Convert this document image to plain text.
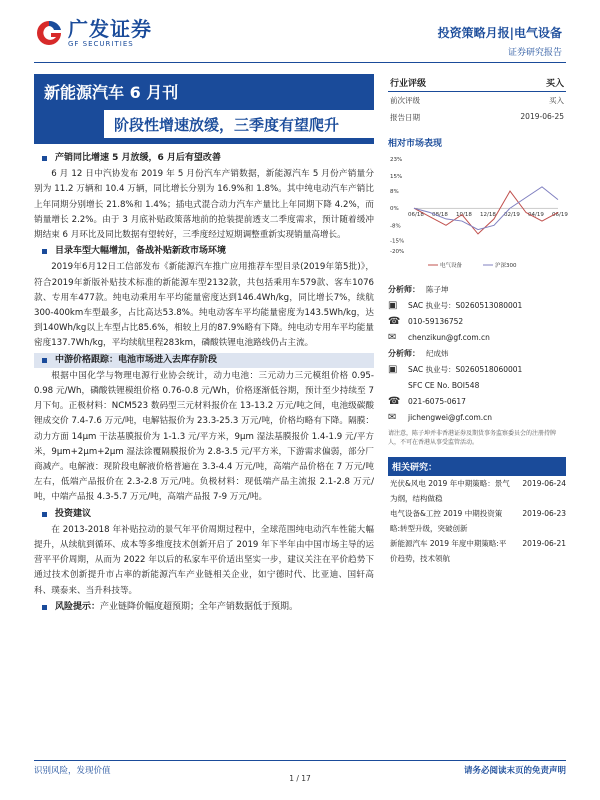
广发证券
GF SECURITIES
投资策略月报|电气设备
证券研究报告
新能源汽车 6 月刊
阶段性增速放缓，三季度有望爬升
产销同比增速 5 月放缓，6 月后有望改善
6 月 12 日中汽协发布 2019 年 5 月份汽车产销数据，新能源汽车 5 月份产销量分别为 11.2 万辆和 10.4 万辆，同比增长分别为 16.9%和 1.8%。其中纯电动汽车产销比上年同期分别增长 21.8%和 1.4%；插电式混合动力汽车产量比上年同期下降 4.2%，而销量增长 2.2%。由于 3 月底补贴政策落地前的抢装提前透支二季度需求，预计随着缓冲期结束 6 月环比及同比数据有望转好，三季度经过短期调整重新实现销量高增长。
目录车型大幅增加，备战补贴新政市场环境
2019年6月12日工信部发布《新能源汽车推广应用推荐车型目录(2019年第5批)》，符合2019年新版补贴技术标准的新能源车型2132款，共包括乘用车579款、客车1076款、专用车477款。纯电动乘用车平均能量密度达到146.4Wh/kg，同比增长7%，续航300-400km车型最多，占比高达53.8%。纯电动客车平均能量密度为143.5Wh/kg，达到140Wh/kg以上车型占比85.6%，相较上月的87.9%略有下降。纯电动专用车平均能量密度137.7Wh/kg，平均续航里程283km，磷酸铁锂电池路线仍占主流。
中游价格跟踪：电池市场进入去库存阶段
根据中国化学与物理电源行业协会统计，动力电池：三元动力三元模组价格 0.95-0.98 元/Wh，磷酸铁锂模组价格 0.76-0.8 元/Wh，价格逐渐低谷期，预计至少持续至 7 月下旬。正极材料：NCM523 数码型三元材料报价在 13-13.2 万元/吨之间，电池级碳酸锂成交价 7.4-7.6 万元/吨，电解钴报价为 23.3-25.3 万元/吨，价格均略有下降。隔膜：动力方面 14μm 干法基膜报价为 1-1.3 元/平方米，9μm 湿法基膜报价 1.4-1.9 元/平方米，9μm+2μm+2μm 湿法涂覆隔膜报价为 2.8-3.5 元/平方米，下游需求偏弱，部分厂商减产。电解液：现阶段电解液价格普遍在 3.3-4.4 万元/吨，高端产品价格在 7 万元/吨左右，低端产品报价在 2.3-2.8 万元/吨。负极材料：现低端产品主流报 2.1-2.8 万元/吨，中端产品报 4.3-5.7 万元/吨，高端产品报 7-9 万元/吨。
投资建议
在 2013-2018 年补贴拉动的景气年平价周期过程中，全球范围纯电动汽车性能大幅提升，从续航到循环、成本等多维度技术创新开启了 2019 年下半年由中国市场主导的运营平平价周期，从而为 2022 年以后的私家车平价适出坚实一步，建议关注在平价趋势下通过技术创新提升市占率的新能源汽车产业链相关企业，如宁德时代、比亚迪、国轩高科、璞泰来、当升科技等。
风险提示： 产业链降价幅度超预期；全年产销数据低于预期。
行业评级	买入
前次评级	买入
报告日期	2019-06-25
相对市场表现
23%
15%
8%
0%
-8%
-15%
-20%
06/18 08/18 10/18 12/18 02/19 04/19 06/19
电气设备	沪深300
分析师： 陈子坤
▣	SAC 执业号：S0260513080001
☎	010-59136752
✉	chenzikun@gf.com.cn
分析师： 纪成炜
▣	SAC 执业号：S0260518060001
SFC CE No. BOI548
☎	021-6075-0617
✉	jichengwei@gf.com.cn
请注意，陈子坤并非香港证券及期货事务监察委员会的注册持牌人，不可在香港从事受监管活动。
相关研究：
光伏&风电 2019 年中期策略：景气为纲，结构做稳
2019-06-24
电气设备&工控 2019 中期投资策略:转型升级，突破创新
2019-06-23
新能源汽车 2019 年度中期策略:平价趋势，技术领航
2019-06-21
识别风险，发现价值	请务必阅读末页的免责声明
1 / 17
